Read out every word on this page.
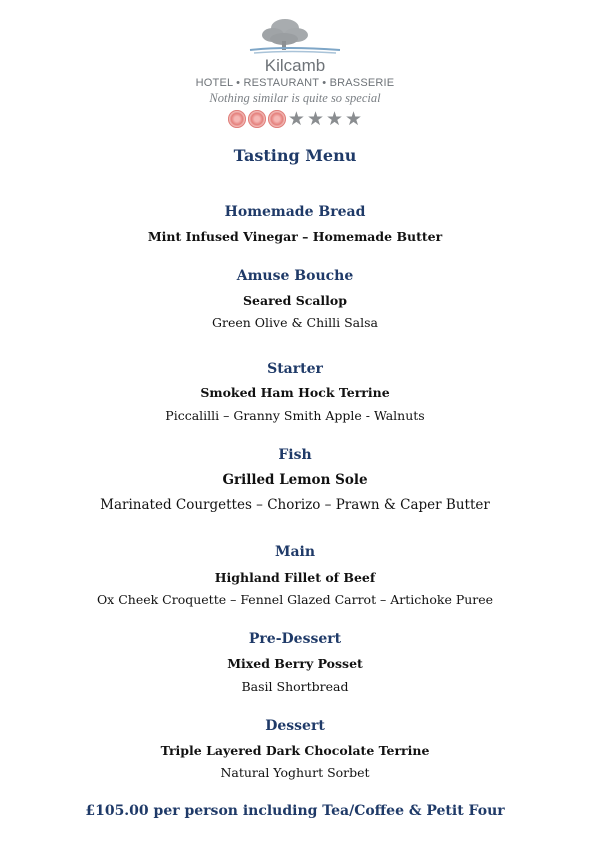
Kilcamb
HOTEL • RESTAURANT • BRASSERIE
Nothing similar is quite so special
★ ★ ★ ★
Tasting Menu
Homemade Bread
Mint Infused Vinegar – Homemade Butter
Amuse Bouche
Seared Scallop
Green Olive & Chilli Salsa
Starter
Smoked Ham Hock Terrine
Piccalilli – Granny Smith Apple - Walnuts
Fish
Grilled Lemon Sole
Marinated Courgettes – Chorizo – Prawn & Caper Butter
Main
Highland Fillet of Beef
Ox Cheek Croquette – Fennel Glazed Carrot – Artichoke Puree
Pre-Dessert
Mixed Berry Posset
Basil Shortbread
Dessert
Triple Layered Dark Chocolate Terrine
Natural Yoghurt Sorbet
£105.00 per person including Tea/Coffee & Petit Four
